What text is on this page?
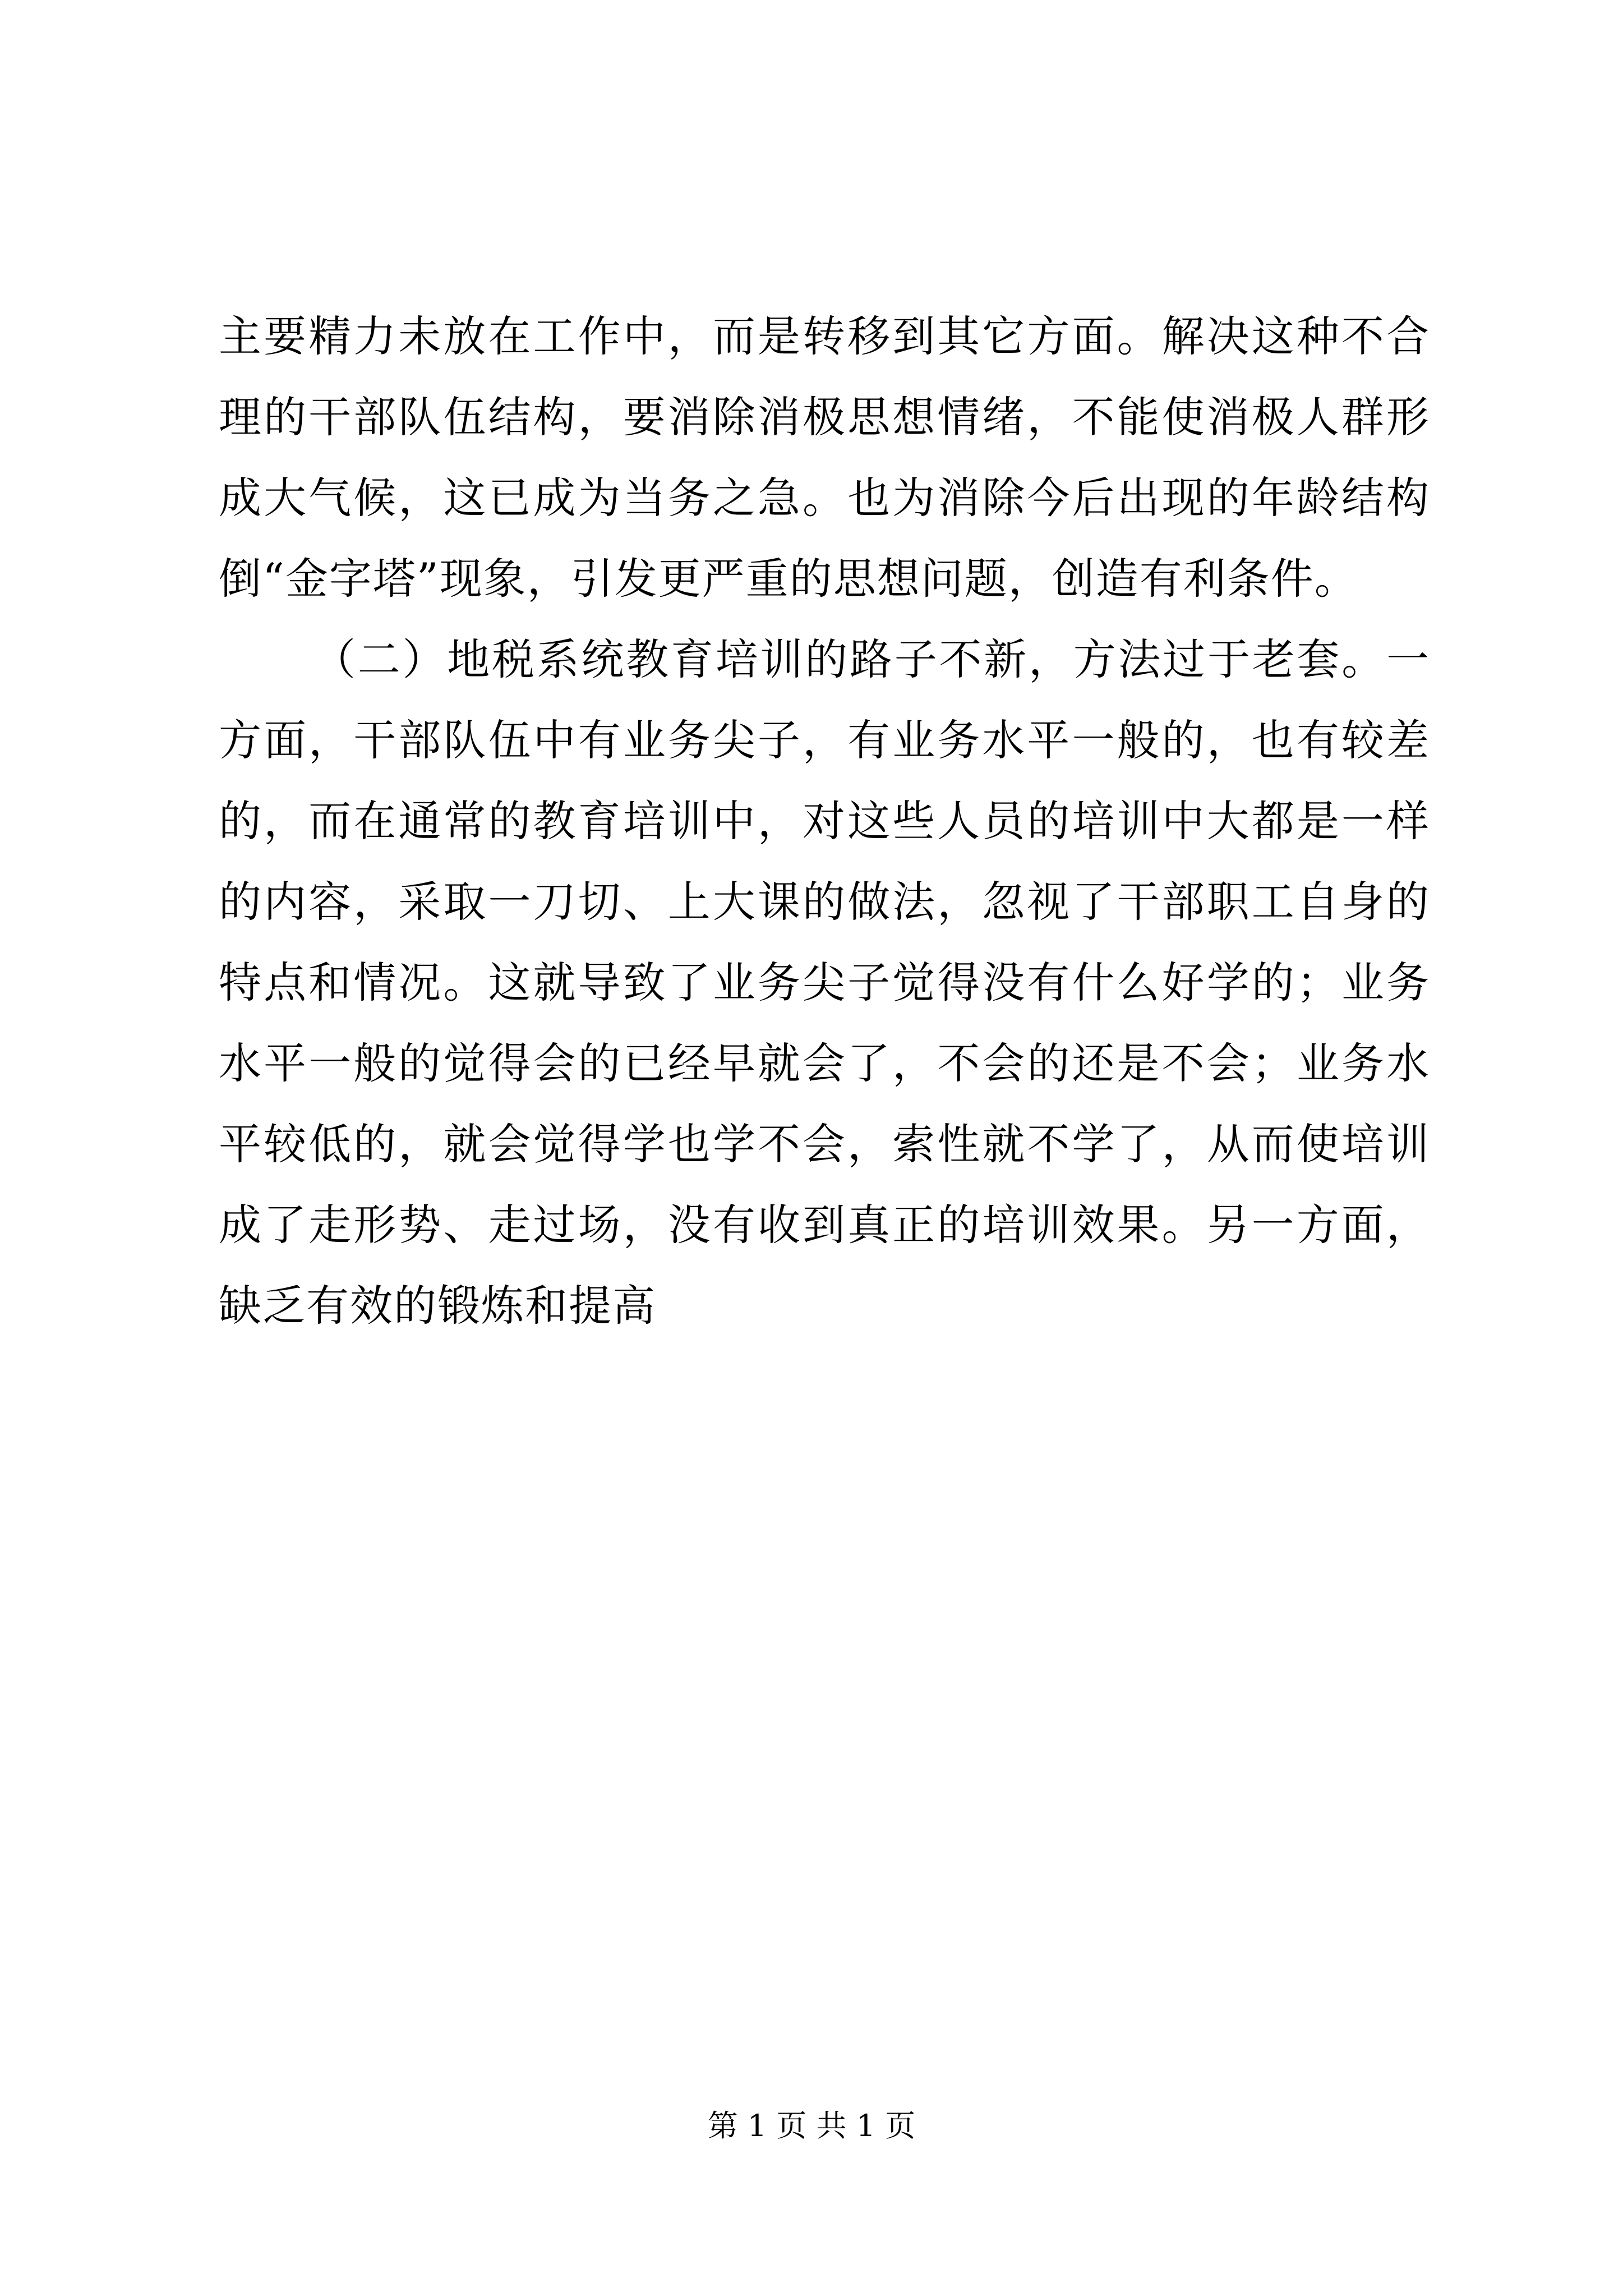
主要精力未放在工作中，而是转移到其它方面。解决这种不合理的干部队伍结构，要消除消极思想情绪，不能使消极人群形成大气候，这已成为当务之急。也为消除今后出现的年龄结构倒“金字塔”现象，引发更严重的思想问题，创造有利条件。

（二）地税系统教育培训的路子不新，方法过于老套。一方面，干部队伍中有业务尖子，有业务水平一般的，也有较差的，而在通常的教育培训中，对这些人员的培训中大都是一样的内容，采取一刀切、上大课的做法，忽视了干部职工自身的特点和情况。这就导致了业务尖子觉得没有什么好学的；业务水平一般的觉得会的已经早就会了，不会的还是不会；业务水平较低的，就会觉得学也学不会，索性就不学了，从而使培训成了走形势、走过场，没有收到真正的培训效果。另一方面，缺乏有效的锻炼和提高

第 1 页 共 1 页
